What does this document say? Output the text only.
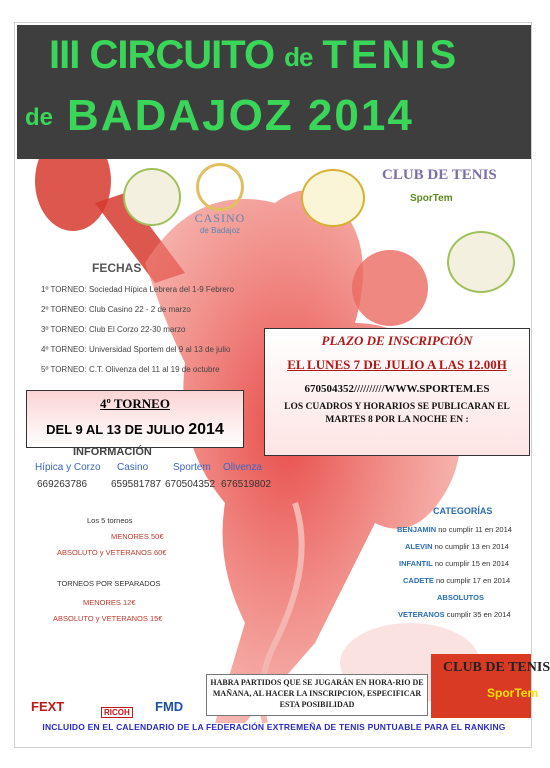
III CIRCUITO de TENIS
de BADAJOZ 2014
CASINO
de Badajoz
CLUB DE TENIS
SporTem
FECHAS
1º TORNEO: Sociedad Hípica Lebrera del 1-9 Febrero
2º TORNEO: Club Casino 22 - 2 de marzo
3º TORNEO: Club El Corzo 22-30 marzo
4º TORNEO: Universidad Sportem del 9 al 13 de julio
5º TORNEO: C.T. Olivenza del 11 al 19 de octubre
PLAZO DE INSCRIPCIÓN
EL LUNES 7 DE JULIO A LAS 12.00H
670504352//////////WWW.SPORTEM.ES
LOS CUADROS Y HORARIOS SE PUBLICARAN EL MARTES 8 POR LA NOCHE EN :
4º TORNEO
DEL 9 AL 13 DE JULIO 2014
INFORMACIÓN
Hípica y Corzo Casino Sportem Olivenza
669263786 659581787 670504352 676519802
Los 5 torneos
MENORES 50€
ABSOLUTO y VETERANOS 60€
TORNEOS POR SEPARADOS
MENORES 12€
ABSOLUTO y VETERANOS 15€
CATEGORÍAS
BENJAMIN no cumplir 11 en 2014
ALEVIN no cumplir 13 en 2014
INFANTIL no cumplir 15 en 2014
CADETE no cumplir 17 en 2014
ABSOLUTOS
VETERANOS cumplir 35 en 2014
HABRA PARTIDOS QUE SE JUGARÁN EN HORA-RIO DE MAÑANA, AL HACER LA INSCRIPCION, ESPECIFICAR ESTA POSIBILIDAD
CLUB DE TENIS
SporTem
FEXT	RICOH FMD
INCLUIDO EN EL CALENDARIO DE LA FEDERACIÓN EXTREMEÑA DE TENIS PUNTUABLE PARA EL RANKING
